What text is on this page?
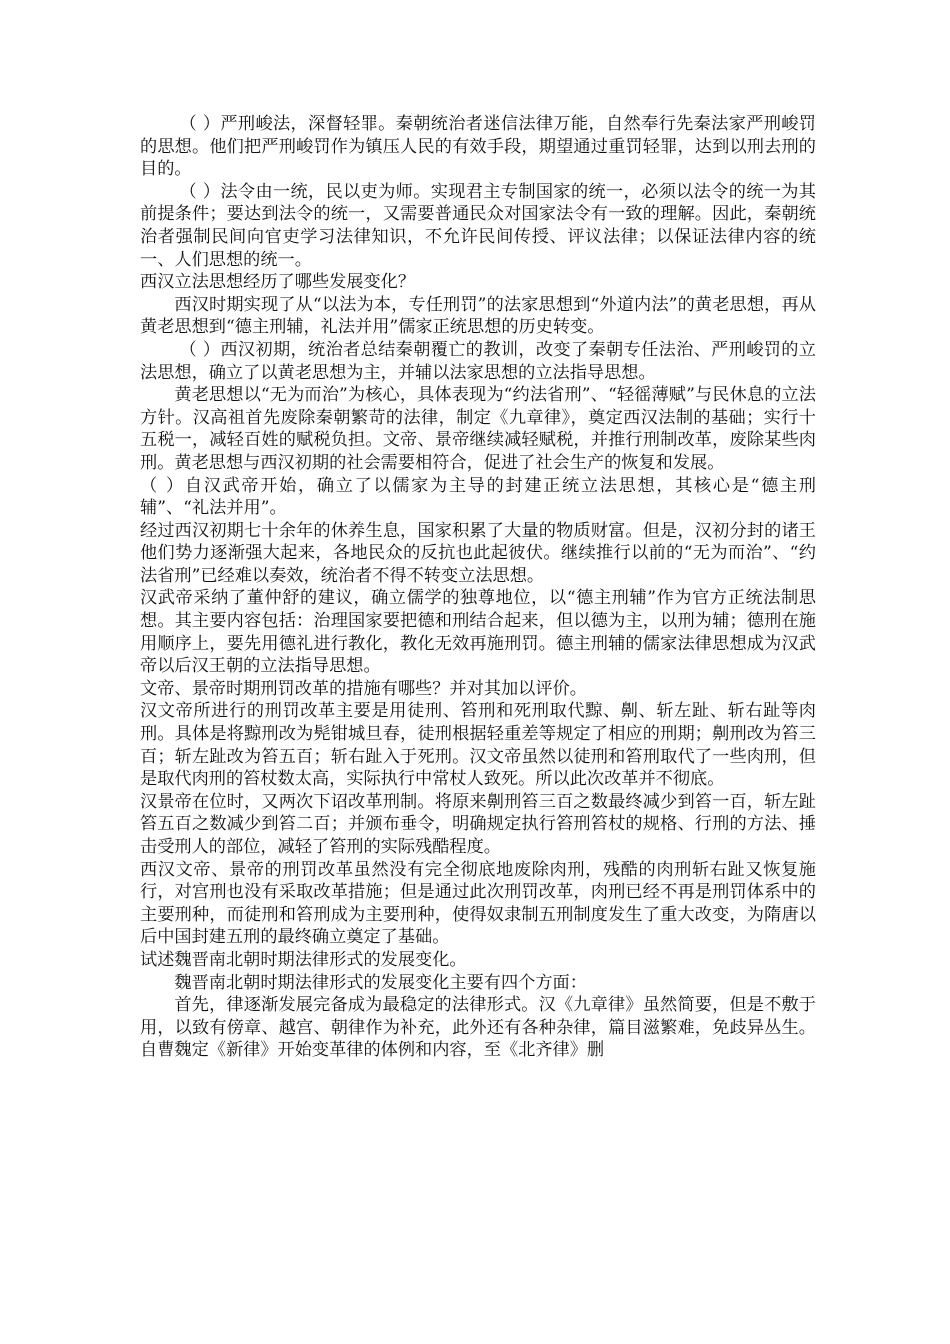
（ ）严刑峻法，深督轻罪。秦朝统治者迷信法律万能，自然奉行先秦法家严刑峻罚的思想。他们把严刑峻罚作为镇压人民的有效手段，期望通过重罚轻罪，达到以刑去刑的目的。

（ ）法令由一统，民以吏为师。实现君主专制国家的统一，必须以法令的统一为其前提条件；要达到法令的统一，又需要普通民众对国家法令有一致的理解。因此，秦朝统治者强制民间向官吏学习法律知识，不允许民间传授、评议法律；以保证法律内容的统一、人们思想的统一。

西汉立法思想经历了哪些发展变化？

西汉时期实现了从“以法为本，专任刑罚”的法家思想到“外道内法”的黄老思想，再从黄老思想到“德主刑辅，礼法并用”儒家正统思想的历史转变。

（ ）西汉初期，统治者总结秦朝覆亡的教训，改变了秦朝专任法治、严刑峻罚的立法思想，确立了以黄老思想为主，并辅以法家思想的立法指导思想。

黄老思想以“无为而治”为核心，具体表现为“约法省刑”、“轻徭薄赋”与民休息的立法方针。汉高祖首先废除秦朝繁苛的法律，制定《九章律》，奠定西汉法制的基础；实行十五税一，减轻百姓的赋税负担。文帝、景帝继续减轻赋税，并推行刑制改革，废除某些肉刑。黄老思想与西汉初期的社会需要相符合，促进了社会生产的恢复和发展。

（ ）自汉武帝开始，确立了以儒家为主导的封建正统立法思想，其核心是“德主刑辅”、“礼法并用”。

经过西汉初期七十余年的休养生息，国家积累了大量的物质财富。但是，汉初分封的诸王他们势力逐渐强大起来，各地民众的反抗也此起彼伏。继续推行以前的“无为而治”、“约法省刑”已经难以奏效，统治者不得不转变立法思想。

汉武帝采纳了董仲舒的建议，确立儒学的独尊地位，以“德主刑辅”作为官方正统法制思想。其主要内容包括：治理国家要把德和刑结合起来，但以德为主，以刑为辅；德刑在施用顺序上，要先用德礼进行教化，教化无效再施刑罚。德主刑辅的儒家法律思想成为汉武帝以后汉王朝的立法指导思想。

文帝、景帝时期刑罚改革的措施有哪些？并对其加以评价。

汉文帝所进行的刑罚改革主要是用徒刑、笞刑和死刑取代黥、劓、斩左趾、斩右趾等肉刑。具体是将黥刑改为髡钳城旦春，徒刑根据轻重差等规定了相应的刑期；劓刑改为笞三百；斩左趾改为笞五百；斩右趾入于死刑。汉文帝虽然以徒刑和笞刑取代了一些肉刑，但是取代肉刑的笞杖数太高，实际执行中常杖人致死。所以此次改革并不彻底。

汉景帝在位时，又两次下诏改革刑制。将原来劓刑笞三百之数最终减少到笞一百，斩左趾笞五百之数减少到笞二百；并颁布垂令，明确规定执行笞刑笞杖的规格、行刑的方法、捶击受刑人的部位，减轻了笞刑的实际残酷程度。

西汉文帝、景帝的刑罚改革虽然没有完全彻底地废除肉刑，残酷的肉刑斩右趾又恢复施行，对宫刑也没有采取改革措施；但是通过此次刑罚改革，肉刑已经不再是刑罚体系中的主要刑种，而徒刑和笞刑成为主要刑种，使得奴隶制五刑制度发生了重大改变，为隋唐以后中国封建五刑的最终确立奠定了基础。

试述魏晋南北朝时期法律形式的发展变化。

魏晋南北朝时期法律形式的发展变化主要有四个方面：

首先，律逐渐发展完备成为最稳定的法律形式。汉《九章律》虽然简要，但是不敷于用，以致有傍章、越宫、朝律作为补充，此外还有各种杂律，篇目滋繁难，免歧异丛生。自曹魏定《新律》开始变革律的体例和内容，至《北齐律》删
